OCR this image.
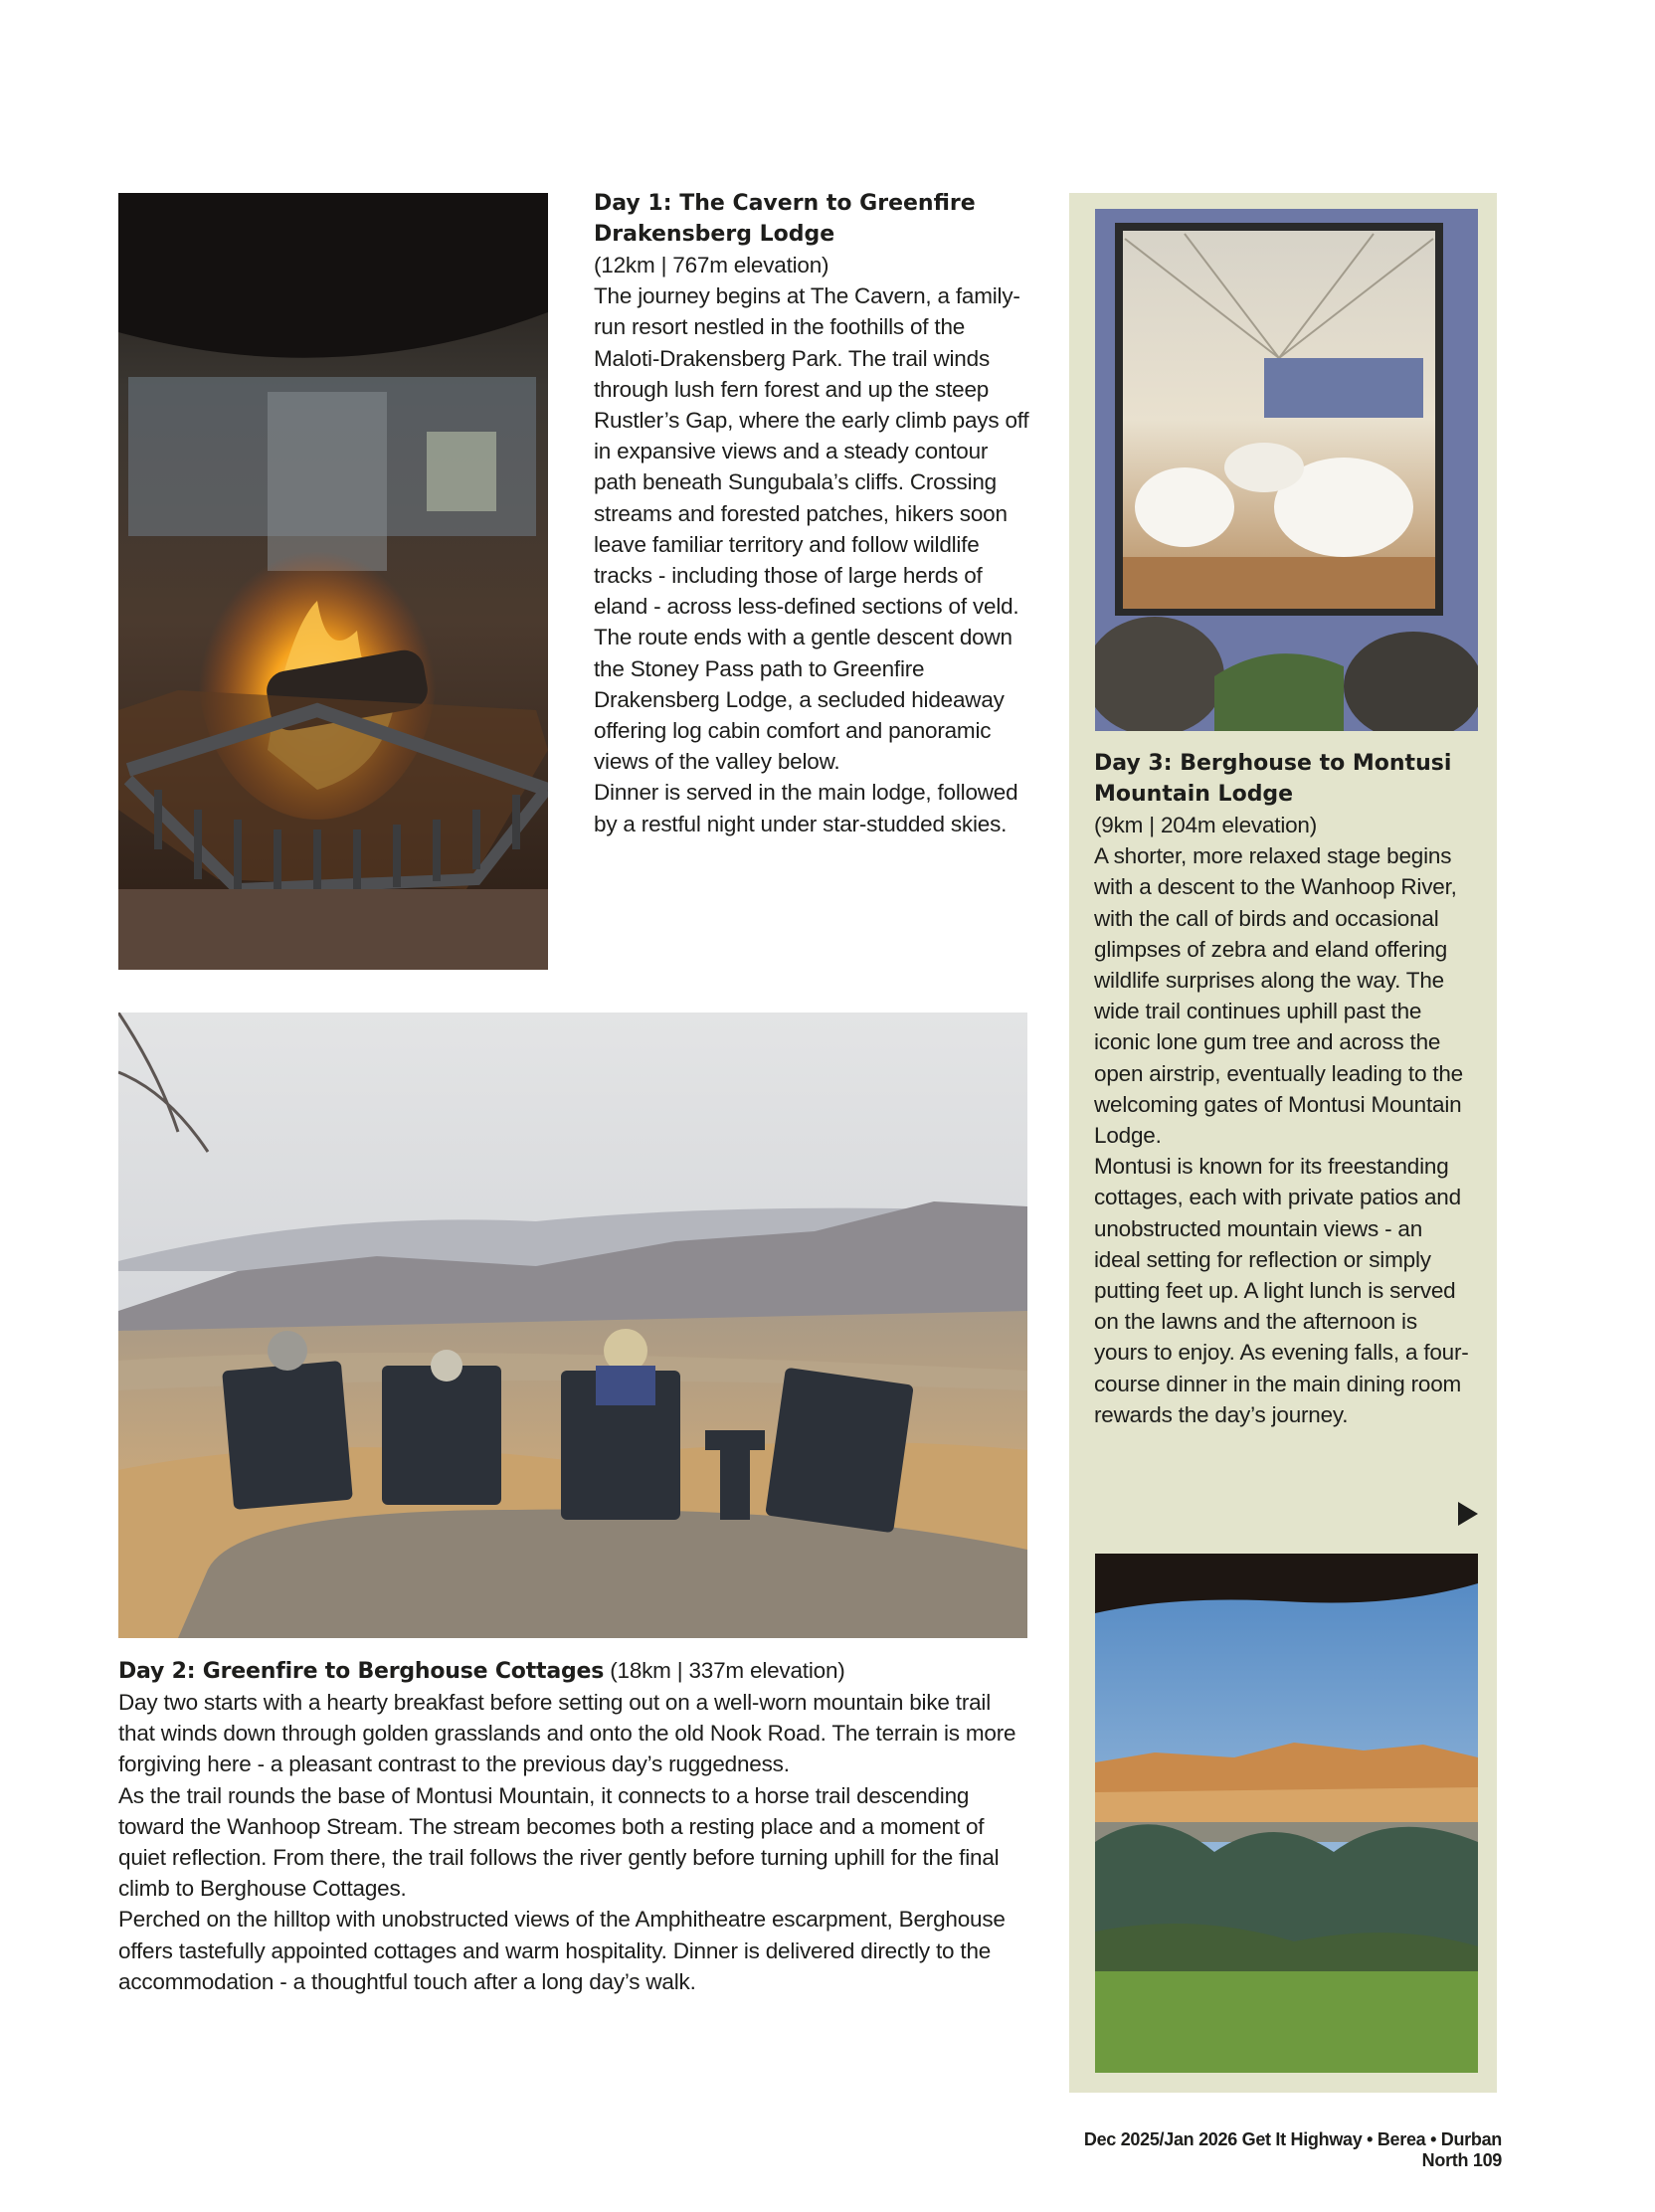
Day 1: The Cavern to Greenfire Drakensberg Lodge

(12km | 767m elevation)

The journey begins at The Cavern, a family-run resort nestled in the foothills of the Maloti-Drakensberg Park. The trail winds through lush fern forest and up the steep Rustler’s Gap, where the early climb pays off in expansive views and a steady contour path beneath Sungubala’s cliffs. Crossing streams and forested patches, hikers soon leave familiar territory and follow wildlife tracks - including those of large herds of eland - across less-defined sections of veld. The route ends with a gentle descent down the Stoney Pass path to Greenfire Drakensberg Lodge, a secluded hideaway offering log cabin comfort and panoramic views of the valley below.

Dinner is served in the main lodge, followed by a restful night under star-studded skies.

Day 3: Berghouse to Montusi Mountain Lodge

(9km | 204m elevation)

A shorter, more relaxed stage begins with a descent to the Wanhoop River, with the call of birds and occasional glimpses of zebra and eland offering wildlife surprises along the way. The wide trail continues uphill past the iconic lone gum tree and across the open airstrip, eventually leading to the welcoming gates of Montusi Mountain Lodge.

Montusi is known for its freestanding cottages, each with private patios and unobstructed mountain views - an ideal setting for reflection or simply putting feet up. A light lunch is served on the lawns and the afternoon is yours to enjoy. As evening falls, a four-course dinner in the main dining room rewards the day’s journey.

Day 2: Greenfire to Berghouse Cottages (18km | 337m elevation)

Day two starts with a hearty breakfast before setting out on a well-worn mountain bike trail that winds down through golden grasslands and onto the old Nook Road. The terrain is more forgiving here - a pleasant contrast to the previous day’s ruggedness.

As the trail rounds the base of Montusi Mountain, it connects to a horse trail descending toward the Wanhoop Stream. The stream becomes both a resting place and a moment of quiet reflection. From there, the trail follows the river gently before turning uphill for the final climb to Berghouse Cottages.

Perched on the hilltop with unobstructed views of the Amphitheatre escarpment, Berghouse offers tastefully appointed cottages and warm hospitality. Dinner is delivered directly to the accommodation - a thoughtful touch after a long day’s walk.

Dec 2025/Jan 2026 Get It Highway • Berea • Durban North 109
